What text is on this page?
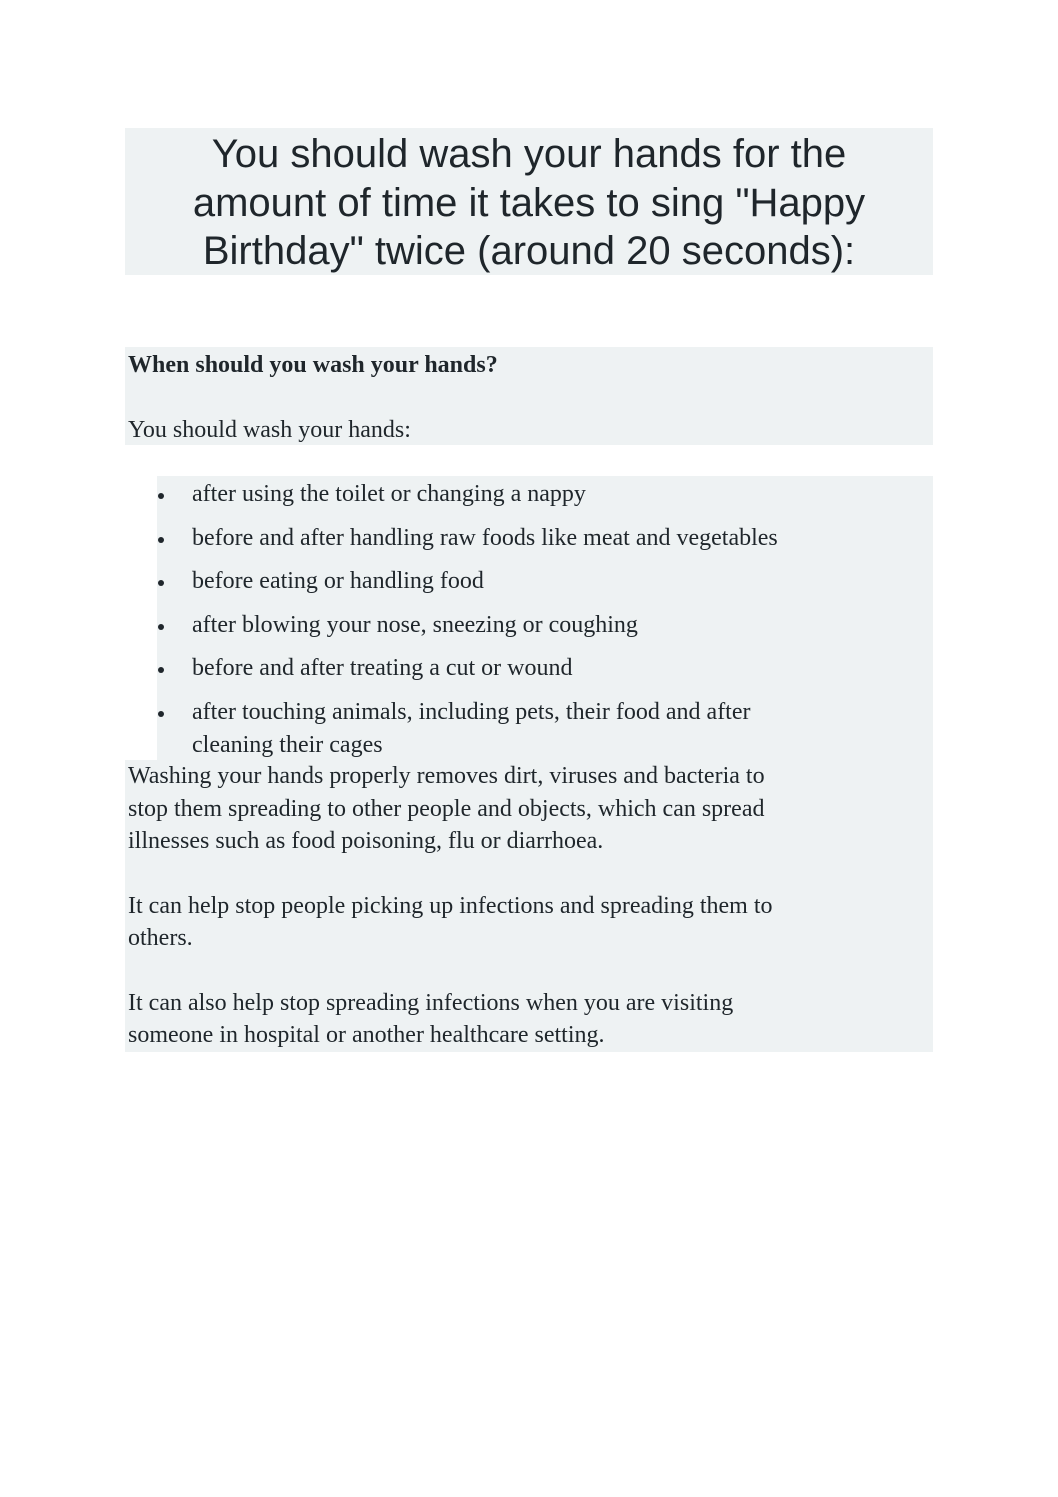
You should wash your hands for the
amount of time it takes to sing "Happy
Birthday" twice (around 20 seconds):

When should you wash your hands?

You should wash your hands:

after using the toilet or changing a nappy
before and after handling raw foods like meat and vegetables
before eating or handling food
after blowing your nose, sneezing or coughing
before and after treating a cut or wound
after touching animals, including pets, their food and after
cleaning their cages

Washing your hands properly removes dirt, viruses and bacteria to
stop them spreading to other people and objects, which can spread
illnesses such as food poisoning, flu or diarrhoea.

It can help stop people picking up infections and spreading them to
others.

It can also help stop spreading infections when you are visiting
someone in hospital or another healthcare setting.
